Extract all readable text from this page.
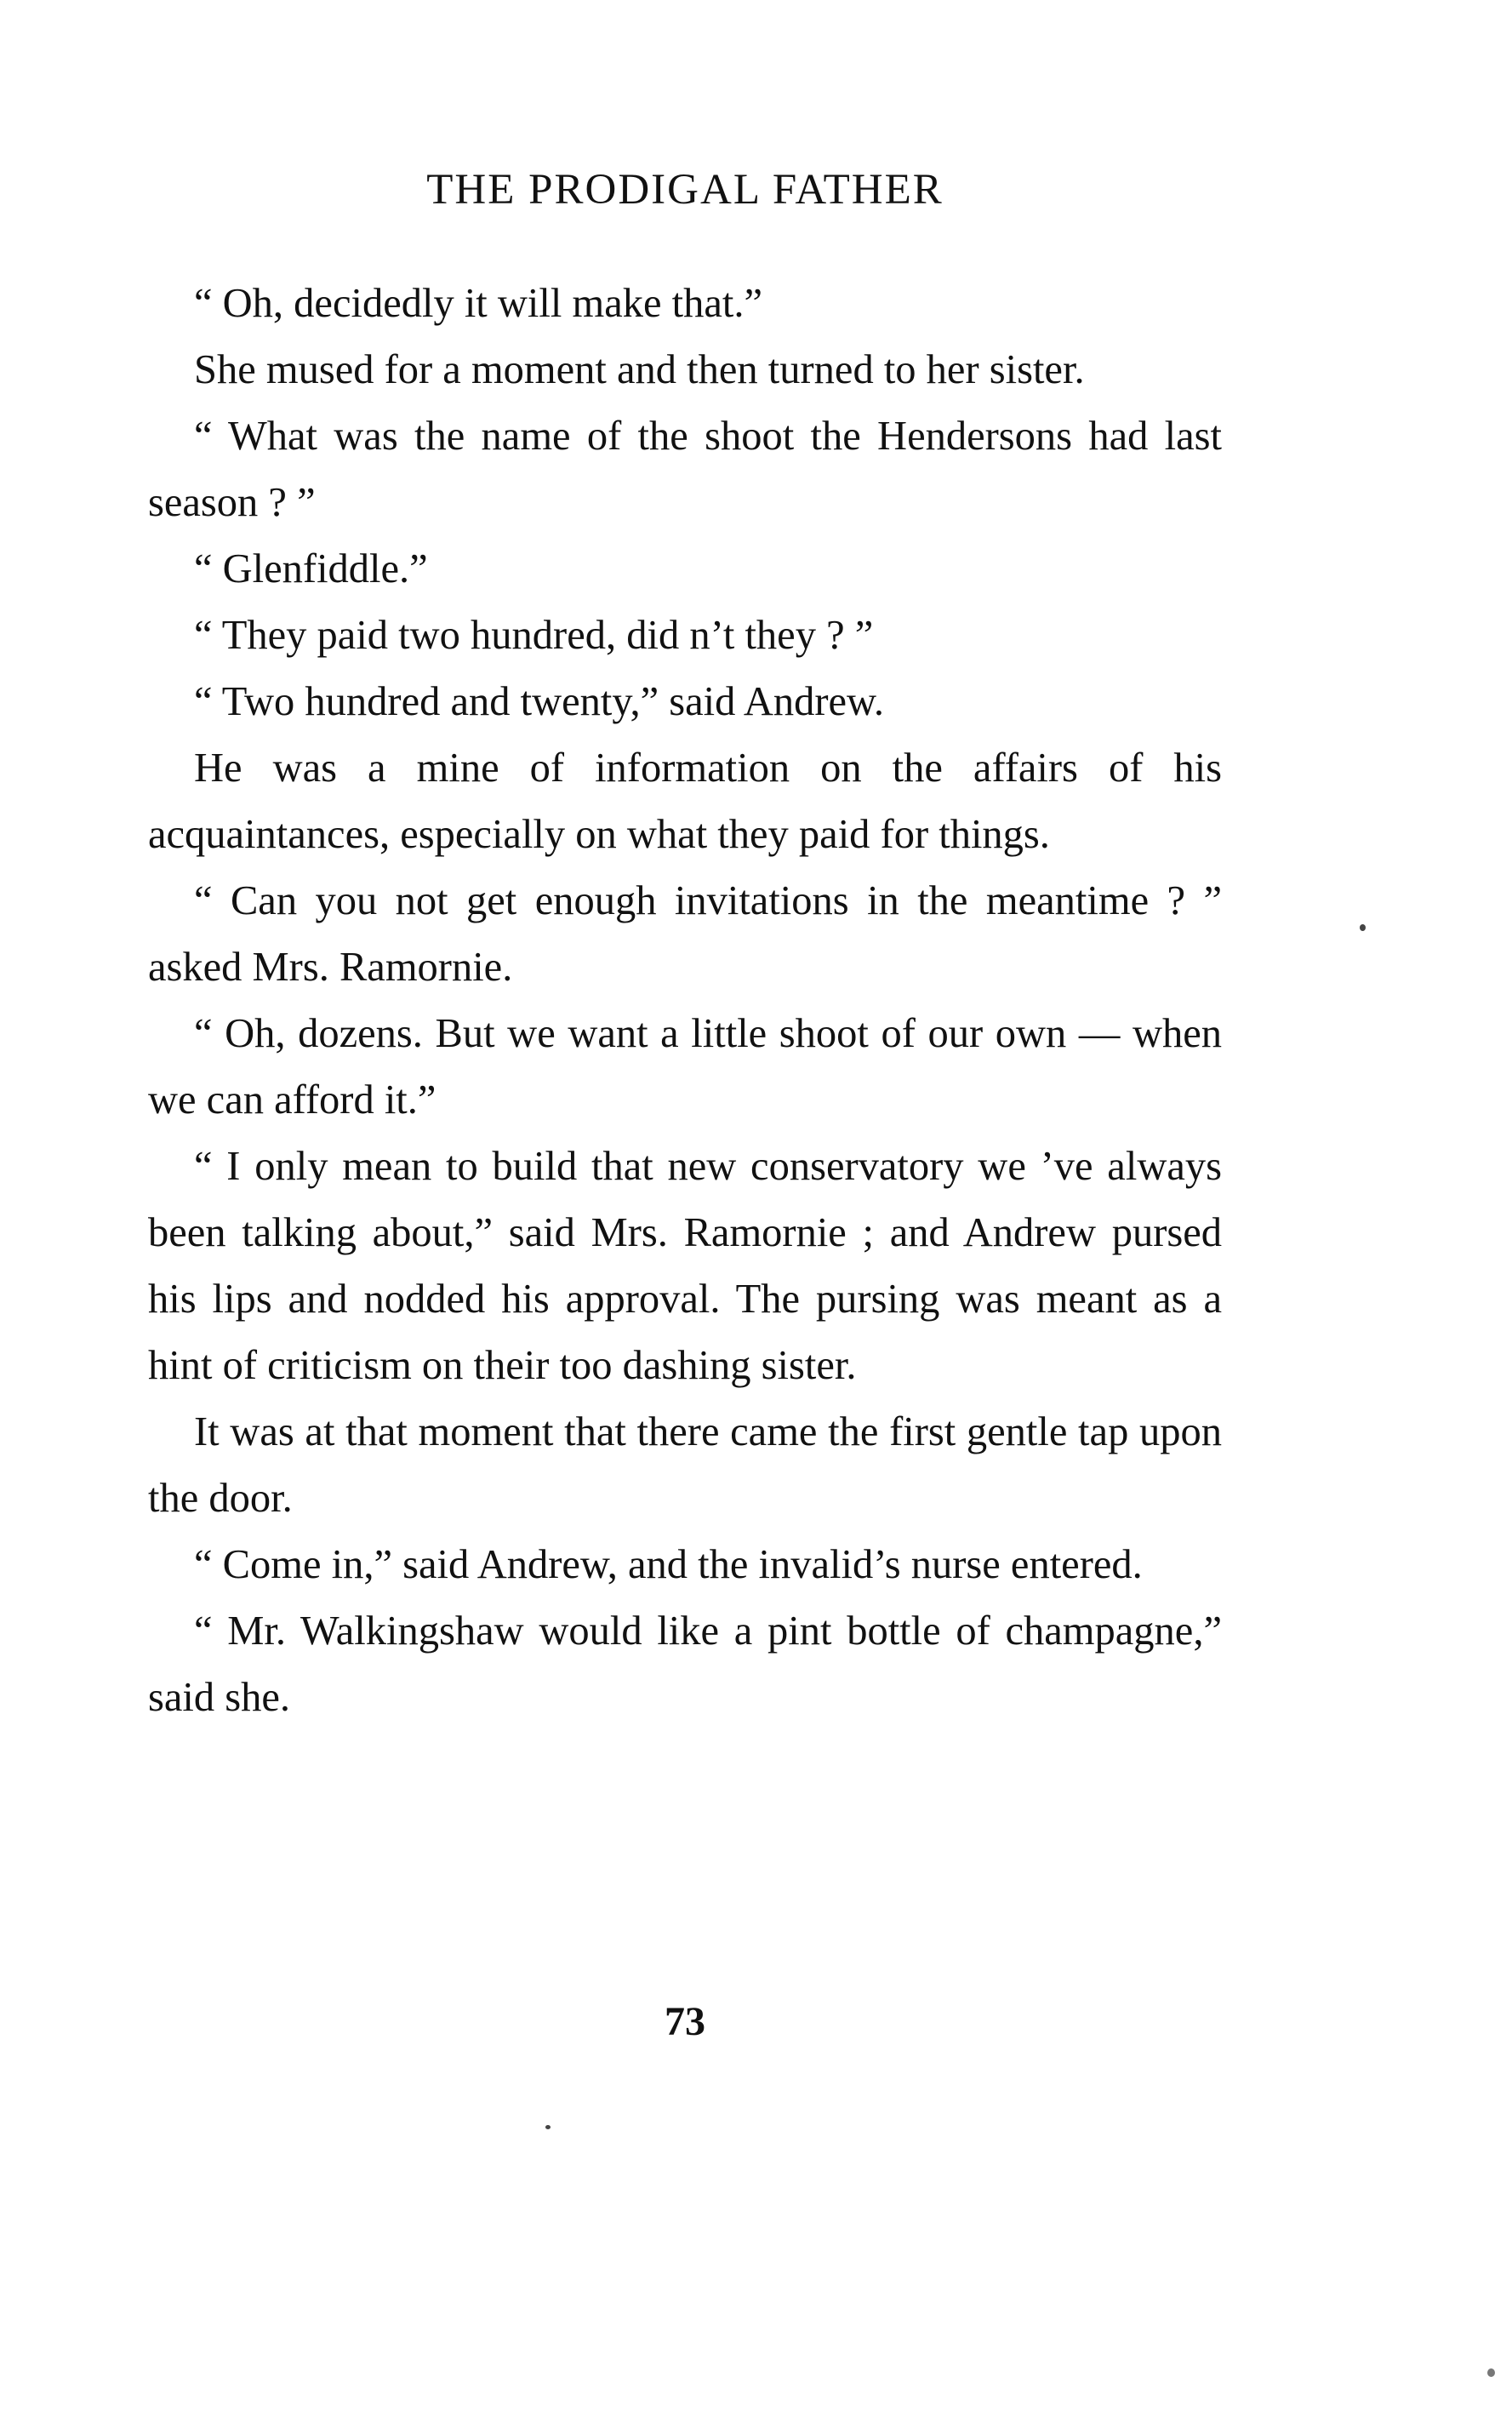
THE PRODIGAL FATHER

“ Oh, decidedly it will make that.”

She mused for a moment and then turned to her sister.

“ What was the name of the shoot the Hendersons had last season ? ”

“ Glenfiddle.”

“ They paid two hundred, did n’t they ? ”

“ Two hundred and twenty,” said Andrew.

He was a mine of information on the affairs of his acquaintances, especially on what they paid for things.

“ Can you not get enough invitations in the meantime ? ” asked Mrs. Ramornie.

“ Oh, dozens. But we want a little shoot of our own — when we can afford it.”

“ I only mean to build that new conservatory we ’ve always been talking about,” said Mrs. Ramornie ; and Andrew pursed his lips and nodded his approval. The pursing was meant as a hint of criticism on their too dashing sister.

It was at that moment that there came the first gentle tap upon the door.

“ Come in,” said Andrew, and the invalid’s nurse entered.

“ Mr. Walkingshaw would like a pint bottle of champagne,” said she.

73
